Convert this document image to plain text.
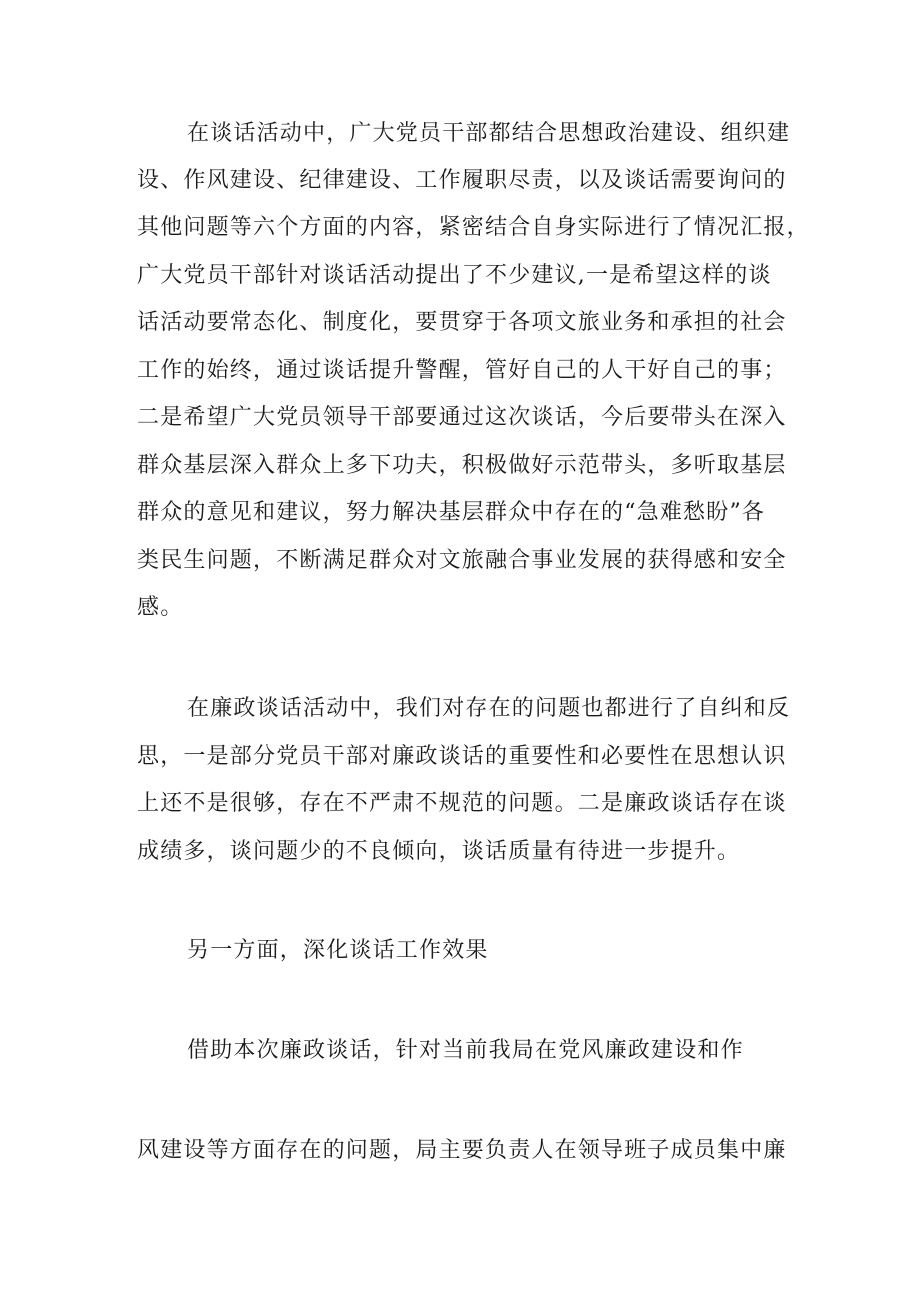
在谈话活动中，广大党员干部都结合思想政治建设、组织建
设、作风建设、纪律建设、工作履职尽责，以及谈话需要询问的
其他问题等六个方面的内容，紧密结合自身实际进行了情况汇报，
广大党员干部针对谈话活动提出了不少建议,一是希望这样的谈
话活动要常态化、制度化，要贯穿于各项文旅业务和承担的社会
工作的始终，通过谈话提升警醒，管好自己的人干好自己的事；
二是希望广大党员领导干部要通过这次谈话，今后要带头在深入
群众基层深入群众上多下功夫，积极做好示范带头，多听取基层
群众的意见和建议，努力解决基层群众中存在的“急难愁盼”各
类民生问题，不断满足群众对文旅融合事业发展的获得感和安全
感。
在廉政谈话活动中，我们对存在的问题也都进行了自纠和反
思，一是部分党员干部对廉政谈话的重要性和必要性在思想认识
上还不是很够，存在不严肃不规范的问题。二是廉政谈话存在谈
成绩多，谈问题少的不良倾向，谈话质量有待进一步提升。
另一方面，深化谈话工作效果
借助本次廉政谈话，针对当前我局在党风廉政建设和作
风建设等方面存在的问题，局主要负责人在领导班子成员集中廉
